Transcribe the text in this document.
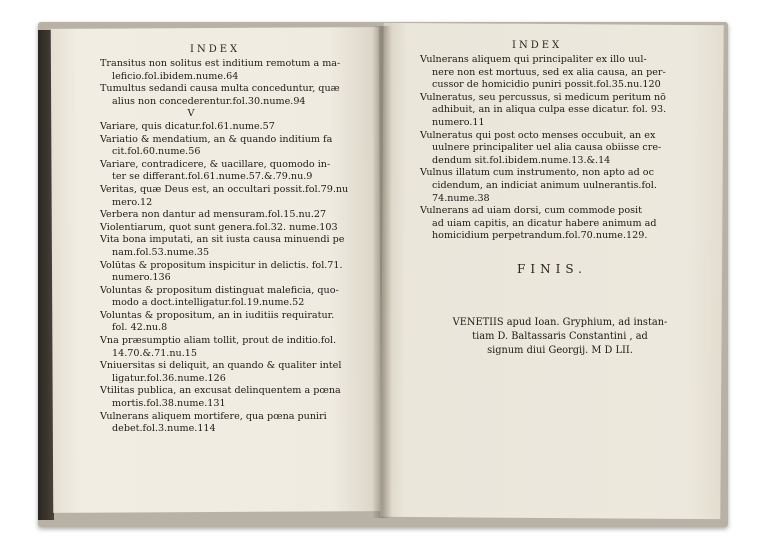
INDEX
Transitus non solitus est inditium remotum a ma-
leficio.fol.ibidem.nume.64
Tumultus sedandi causa multa conceduntur, quæ
alius non concederentur.fol.30.nume.94
V
Variare, quis dicatur.fol.61.nume.57
Variatio & mendatium, an & quando inditium fa
cit.fol.60.nume.56
Variare, contradicere, & uacillare, quomodo in-
ter se differant.fol.61.nume.57.&.79.nu.9
Veritas, quæ Deus est, an occultari possit.fol.79.nu
mero.12
Verbera non dantur ad mensuram.fol.15.nu.27
Violentiarum, quot sunt genera.fol.32. nume.103
Vita bona imputati, an sit iusta causa minuendi pe
nam.fol.53.nume.35
Volūtas & propositum inspicitur in delictis. fol.71.
numero.136
Voluntas & propositum distinguat maleficia, quo-
modo a doct.intelligatur.fol.19.nume.52
Voluntas & propositum, an in iuditiis requiratur.
fol. 42.nu.8
Vna præsumptio aliam tollit, prout de inditio.fol.
14.70.&.71.nu.15
Vniuersitas si deliquit, an quando & qualiter intel
ligatur.fol.36.nume.126
Vtilitas publica, an excusat delinquentem a pœna
mortis.fol.38.nume.131
Vulnerans aliquem mortifere, qua pœna puniri
debet.fol.3.nume.114
INDEX
Vulnerans aliquem qui principaliter ex illo uul-
nere non est mortuus, sed ex alia causa, an per-
cussor de homicidio puniri possit.fol.35.nu.120
Vulneratus, seu percussus, si medicum peritum nō
adhibuit, an in aliqua culpa esse dicatur. fol. 93.
numero.11
Vulneratus qui post octo menses occubuit, an ex
uulnere principaliter uel alia causa obiisse cre-
dendum sit.fol.ibidem.nume.13.&.14
Vulnus illatum cum instrumento, non apto ad oc
cidendum, an indiciat animum uulnerantis.fol.
74.nume.38
Vulnerans ad uiam dorsi, cum commode posit
ad uiam capitis, an dicatur habere animum ad
homicidium perpetrandum.fol.70.nume.129.
FINIS.
VENETIIS apud Ioan. Gryphium, ad instan-
tiam D. Baltassaris Constantini , ad
signum diui Georgij. M D LII.
